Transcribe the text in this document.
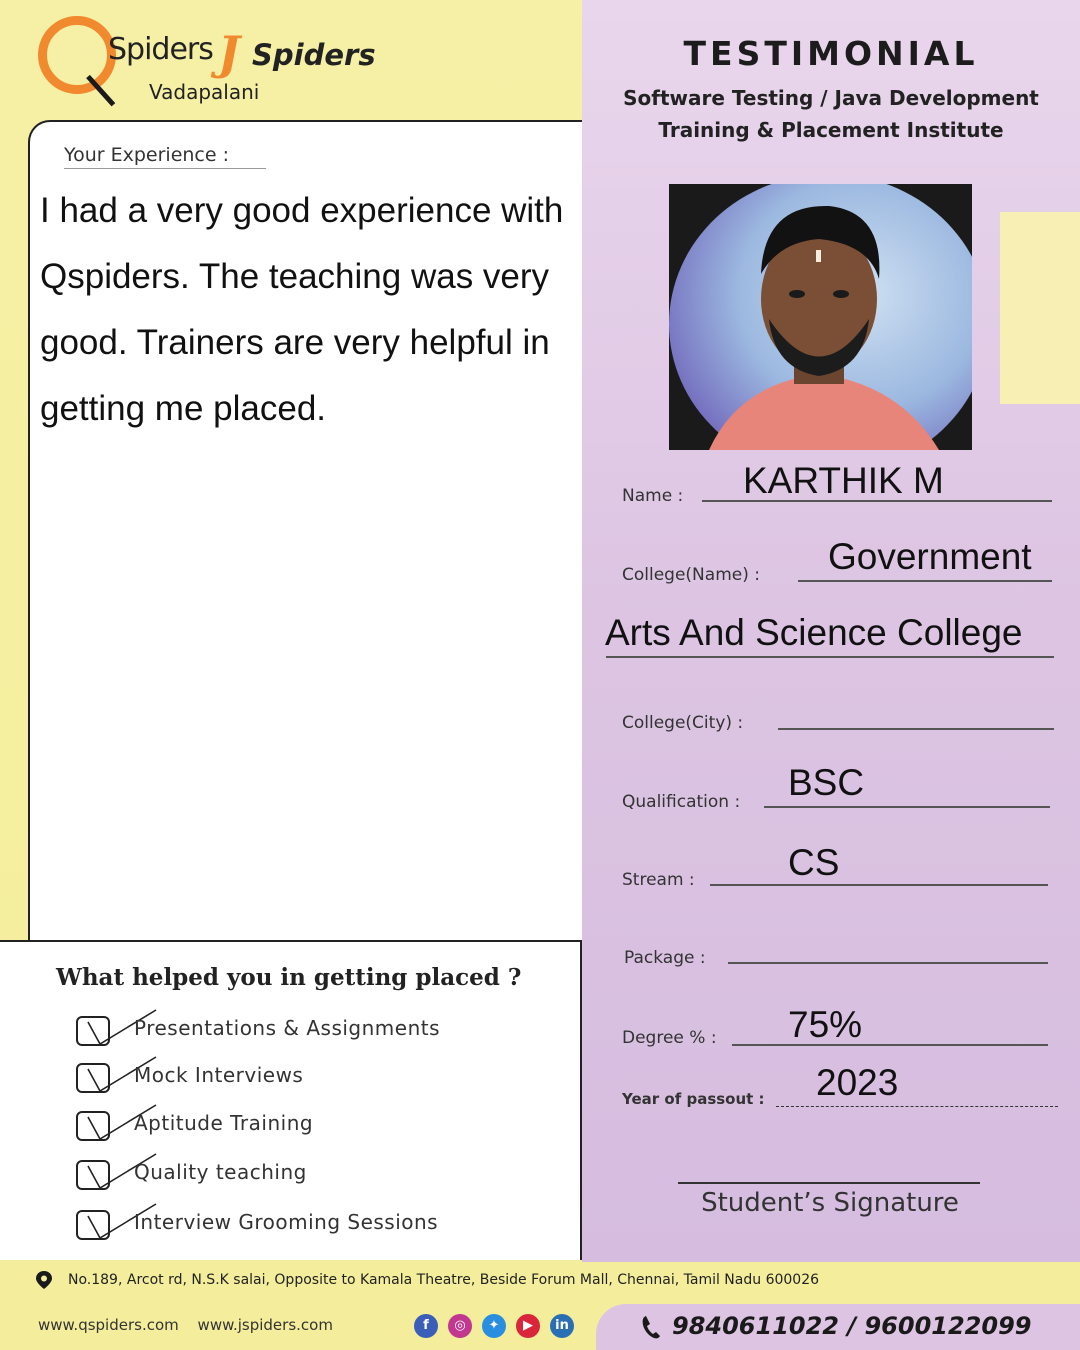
Spiders J Spiders
Vadapalani
Your Experience :
I had a very good experience with Qspiders. The teaching was very good. Trainers are very helpful in getting me placed.
What helped you in getting placed ?
Presentations & Assignments
Mock Interviews
Aptitude Training
Quality teaching
Interview Grooming Sessions
TESTIMONIAL
Software Testing / Java Development
Training & Placement Institute
Name : KARTHIK M
College(Name) : Government
Arts And Science College
College(City) :
Qualification : BSC
Stream :	CS
Package :
Degree % : 75%
Year of passout : 2023
Student’s Signature
No.189, Arcot rd, N.S.K salai, Opposite to Kamala Theatre, Beside Forum Mall, Chennai, Tamil Nadu 600026
www.qspiders.com www.jspiders.com	f	◎	✦	▶	in	9840611022 / 9600122099
